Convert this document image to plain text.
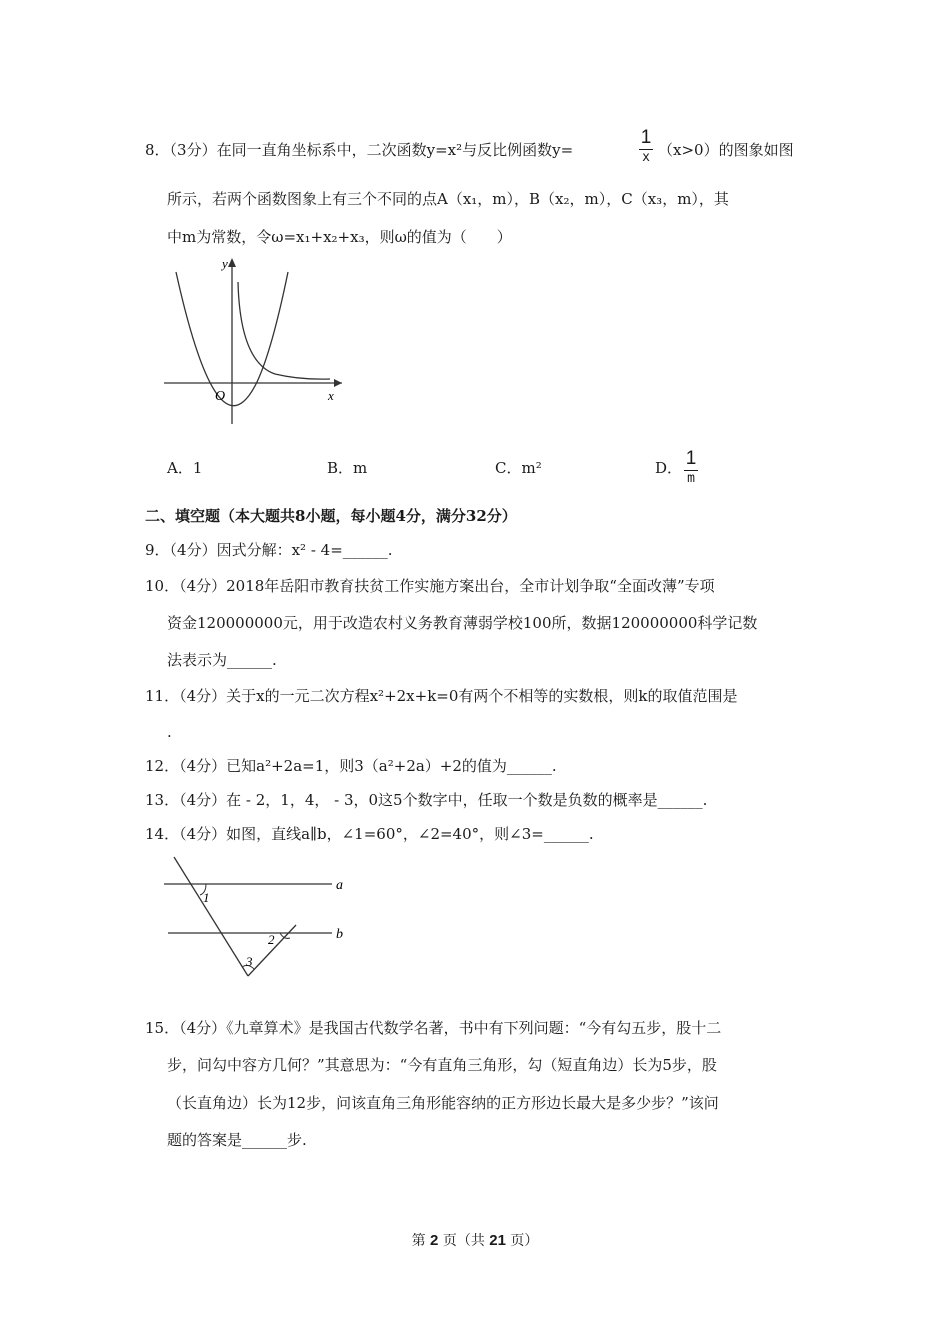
8．（3分）在同一直角坐标系中，二次函数y=x²与反比例函数y=
1
x （x>0）的图象如图
所示，若两个函数图象上有三个不同的点A（x₁，m），B（x₂，m），C（x₃，m），其
中m为常数，令ω=x₁+x₂+x₃，则ω的值为（　　）
y
x
O
A．1	B．m	C．m²	D． 1
m
二、填空题（本大题共8小题，每小题4分，满分32分）
9．（4分）因式分解：x² - 4=______.
10．（4分）2018年岳阳市教育扶贫工作实施方案出台，全市计划争取“全面改薄”专项
资金120000000元，用于改造农村义务教育薄弱学校100所，数据120000000科学记数
法表示为______.
11．（4分）关于x的一元二次方程x²+2x+k=0有两个不相等的实数根，则k的取值范围是
.
12．（4分）已知a²+2a=1，则3（a²+2a）+2的值为______.
13．（4分）在 - 2，1，4， - 3，0这5个数字中，任取一个数是负数的概率是______.
14．（4分）如图，直线a∥b，∠1=60°，∠2=40°，则∠3=______.
a
b
1
2
3
15．（4分）《九章算术》是我国古代数学名著，书中有下列问题：“今有勾五步，股十二
步，问勾中容方几何？”其意思为：“今有直角三角形，勾（短直角边）长为5步，股
（长直角边）长为12步，问该直角三角形能容纳的正方形边长最大是多少步？”该问
题的答案是______步.
第 2 页（共 21 页）
